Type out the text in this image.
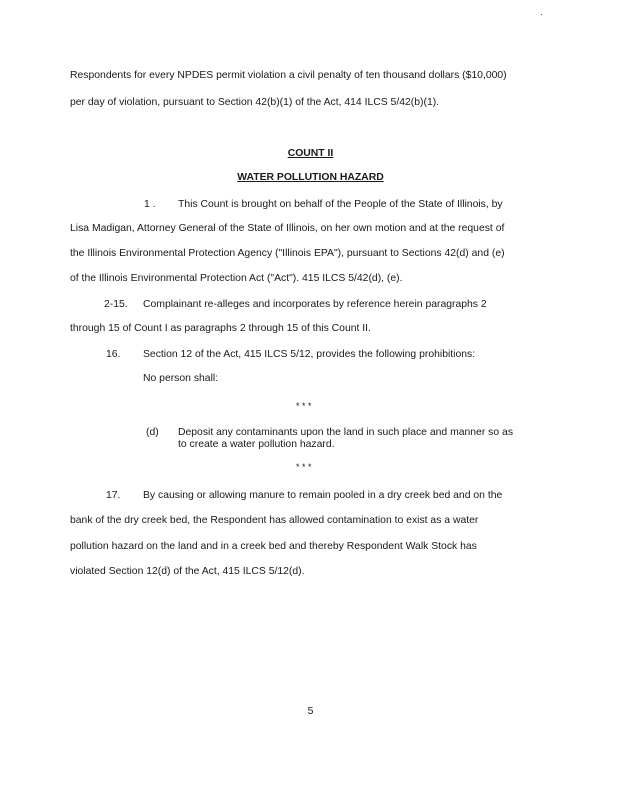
Respondents for every NPDES permit violation a civil penalty of ten thousand dollars ($10,000)
per day of violation, pursuant to Section 42(b)(1) of the Act, 414 ILCS 5/42(b)(1).
COUNT II
WATER POLLUTION HAZARD
1 . This Count is brought on behalf of the People of the State of Illinois, by
Lisa Madigan, Attorney General of the State of Illinois, on her own motion and at the request of
the Illinois Environmental Protection Agency ("Illinois EPA"), pursuant to Sections 42(d) and (e)
of the Illinois Environmental Protection Act ("Act"). 415 ILCS 5/42(d), (e).
2-15. Complainant re-alleges and incorporates by reference herein paragraphs 2
through 15 of Count I as paragraphs 2 through 15 of this Count II.
16. Section 12 of the Act, 415 ILCS 5/12, provides the following prohibitions:
No person shall:
* * *
(d) Deposit any contaminants upon the land in such place and manner so as
to create a water pollution hazard.
* * *
17. By causing or allowing manure to remain pooled in a dry creek bed and on the
bank of the dry creek bed, the Respondent has allowed contamination to exist as a water
pollution hazard on the land and in a creek bed and thereby Respondent Walk Stock has
violated Section 12(d) of the Act, 415 ILCS 5/12(d).
5
